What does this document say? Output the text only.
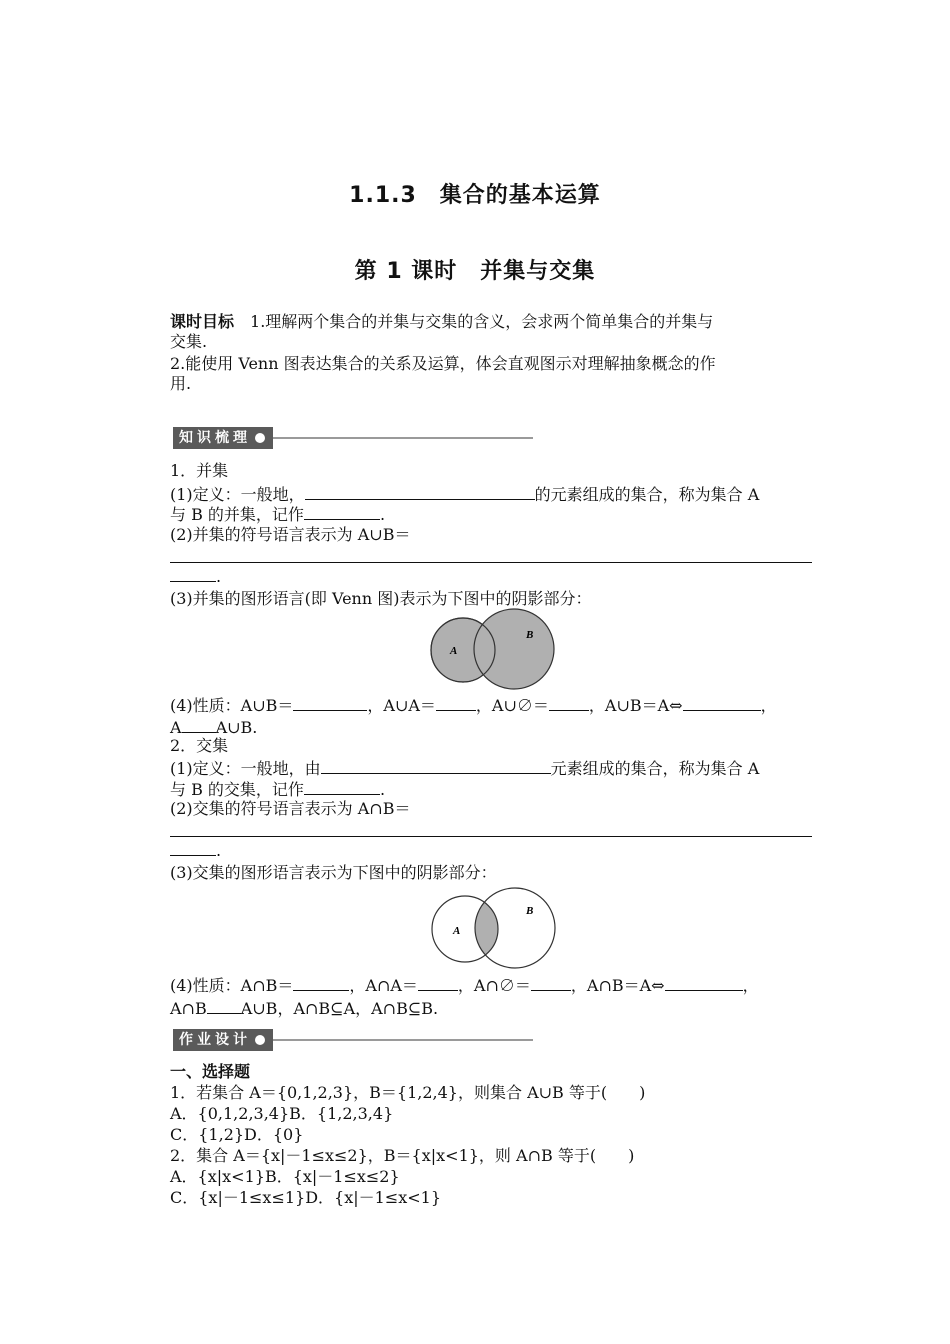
1.1.3　集合的基本运算
第 1 课时　并集与交集
课时目标　1.理解两个集合的并集与交集的含义，会求两个简单集合的并集与
交集.
2.能使用 Venn 图表达集合的关系及运算，体会直观图示对理解抽象概念的作
用.
知识梳理
1．并集
(1)定义：一般地，	的元素组成的集合，称为集合 A
与 B 的并集，记作	.
(2)并集的符号语言表示为 A∪B＝
.
(3)并集的图形语言(即 Venn 图)表示为下图中的阴影部分：
A
B
(4)性质：A∪B＝	，A∪A＝	，A∪∅＝	，A∪B＝A⇔	，
A A∪B.
2．交集
(1)定义：一般地，由	元素组成的集合，称为集合 A
与 B 的交集，记作	.
(2)交集的符号语言表示为 A∩B＝
.
(3)交集的图形语言表示为下图中的阴影部分：
A
B
(4)性质：A∩B＝	，A∩A＝	，A∩∅＝	，A∩B＝A⇔	，
A∩B A∪B，A∩B⊆A，A∩B⊆B.
作业设计
一、选择题
1．若集合 A＝{0,1,2,3}，B＝{1,2,4}，则集合 A∪B 等于(　　)
A．{0,1,2,3,4}B．{1,2,3,4}
C．{1,2}D．{0}
2．集合 A＝{x|－1≤x≤2}，B＝{x|x<1}，则 A∩B 等于(　　)
A．{x|x<1}B．{x|－1≤x≤2}
C．{x|－1≤x≤1}D．{x|－1≤x<1}
